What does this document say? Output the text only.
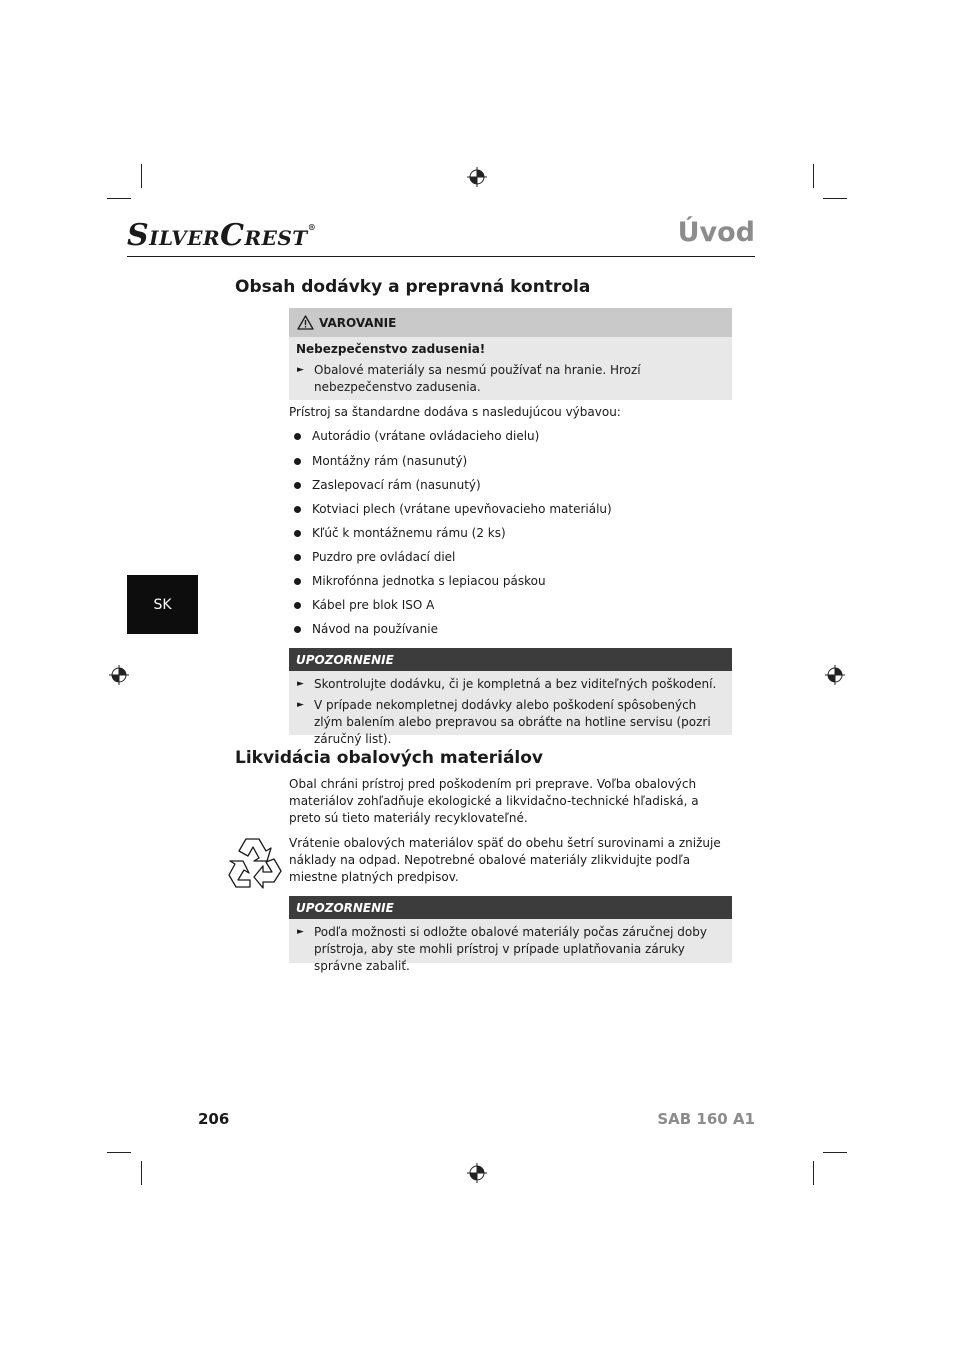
SILVERCREST®	Úvod
Obsah dodávky a prepravná kontrola
VAROVANIE
Nebezpečenstvo zadusenia!
► Obalové materiály sa nesmú používať na hranie. Hrozí nebezpečenstvo zadusenia.
Prístroj sa štandardne dodáva s nasledujúcou výbavou:
Autorádio (vrátane ovládacieho dielu)
Montážny rám (nasunutý)
Zaslepovací rám (nasunutý)
Kotviaci plech (vrátane upevňovacieho materiálu)
Kľúč k montážnemu rámu (2 ks)
Puzdro pre ovládací diel
Mikrofónna jednotka s lepiacou páskou
Kábel pre blok ISO A
Návod na používanie
UPOZORNENIE
► Skontrolujte dodávku, či je kompletná a bez viditeľných poškodení.
► V prípade nekompletnej dodávky alebo poškodení spôsobených zlým balením alebo prepravou sa obráťte na hotline servisu (pozri záručný list).
SK
Likvidácia obalových materiálov
Obal chráni prístroj pred poškodením pri preprave. Voľba obalových materiálov zohľadňuje ekologické a likvidačno-technické hľadiská, a preto sú tieto materiály recyklovateľné.
Vrátenie obalových materiálov späť do obehu šetrí surovinami a znižuje náklady na odpad. Nepotrebné obalové materiály zlikvidujte podľa miestne platných predpisov.
UPOZORNENIE
► Podľa možnosti si odložte obalové materiály počas záručnej doby prístroja, aby ste mohli prístroj v prípade uplatňovania záruky správne zabaliť.
206	SAB 160 A1
